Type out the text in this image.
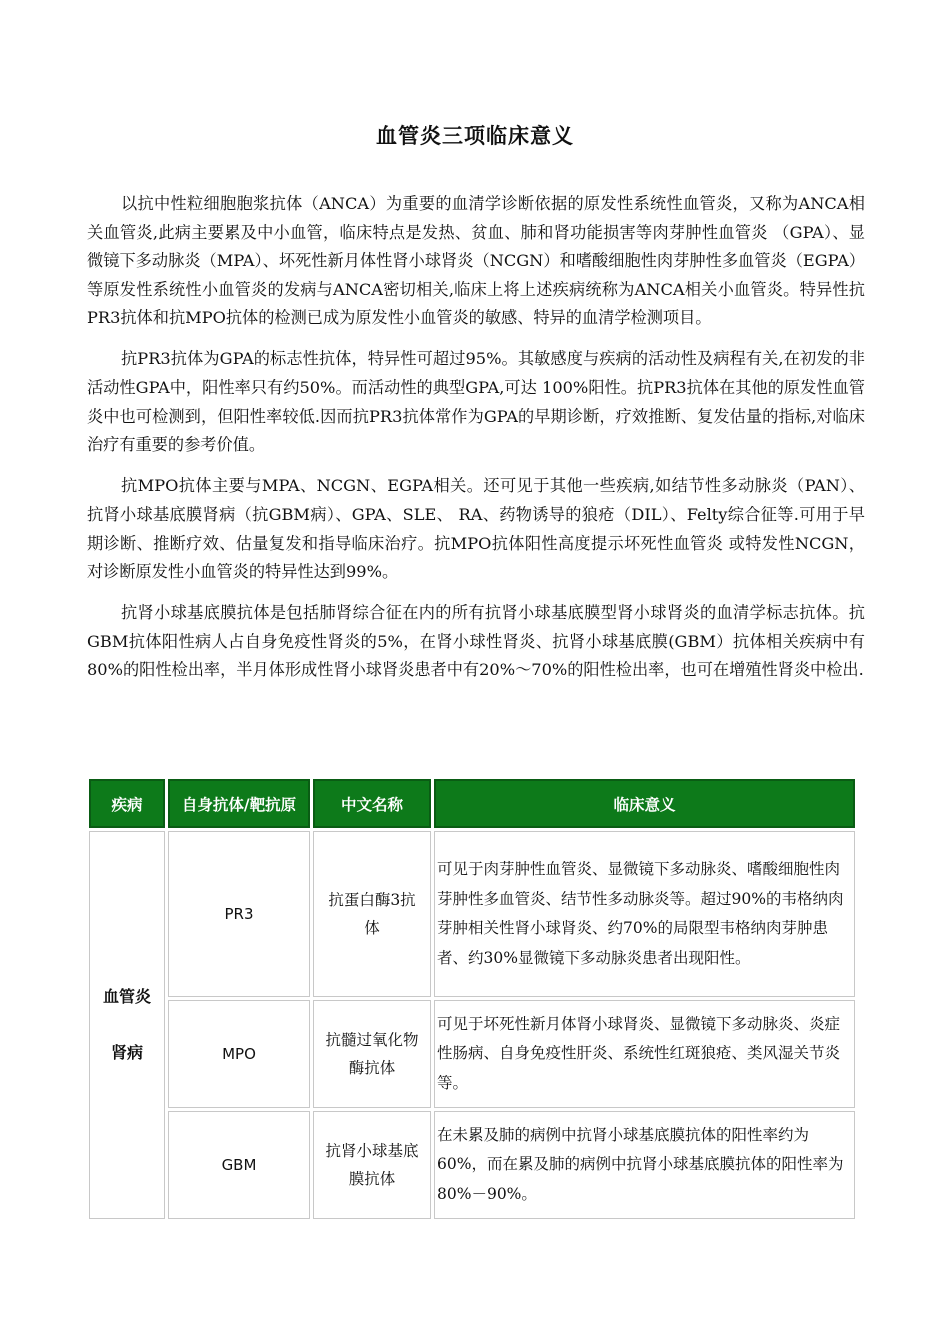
血管炎三项临床意义

以抗中性粒细胞胞浆抗体（ANCA）为重要的血清学诊断依据的原发性系统性血管炎，又称为ANCA相关血管炎,此病主要累及中小血管，临床特点是发热、贫血、肺和肾功能损害等肉芽肿性血管炎 （GPA）、显微镜下多动脉炎（MPA）、坏死性新月体性肾小球肾炎（NCGN）和嗜酸细胞性肉芽肿性多血管炎（EGPA）等原发性系统性小血管炎的发病与ANCA密切相关,临床上将上述疾病统称为ANCA相关小血管炎。特异性抗 PR3抗体和抗MPO抗体的检测已成为原发性小血管炎的敏感、特异的血清学检测项目。

抗PR3抗体为GPA的标志性抗体，特异性可超过95%。其敏感度与疾病的活动性及病程有关,在初发的非活动性GPA中，阳性率只有约50%。而活动性的典型GPA,可达 100%阳性。抗PR3抗体在其他的原发性血管炎中也可检测到，但阳性率较低.因而抗PR3抗体常作为GPA的早期诊断，疗效推断、复发估量的指标,对临床治疗有重要的参考价值。

抗MPO抗体主要与MPA、NCGN、EGPA相关。还可见于其他一些疾病,如结节性多动脉炎（PAN）、抗肾小球基底膜肾病（抗GBM病）、GPA、SLE、 RA、药物诱导的狼疮（DIL）、Felty综合征等.可用于早期诊断、推断疗效、估量复发和指导临床治疗。抗MPO抗体阳性高度提示坏死性血管炎 或特发性NCGN，对诊断原发性小血管炎的特异性达到99%。

抗肾小球基底膜抗体是包括肺肾综合征在内的所有抗肾小球基底膜型肾小球肾炎的血清学标志抗体。抗GBM抗体阳性病人占自身免疫性肾炎的5%，在肾小球性肾炎、抗肾小球基底膜(GBM）抗体相关疾病中有80%的阳性检出率，半月体形成性肾小球肾炎患者中有20%～70%的阳性检出率，也可在增殖性肾炎中检出.

疾病	自身抗体/靶抗原	中文名称	临床意义

血管炎
肾病	PR3	抗蛋白酶3抗体	可见于肉芽肿性血管炎、显微镜下多动脉炎、嗜酸细胞性肉芽肿性多血管炎、结节性多动脉炎等。超过90%的韦格纳肉芽肿相关性肾小球肾炎、约70%的局限型韦格纳肉芽肿患者、约30%显微镜下多动脉炎患者出现阳性。
	MPO	抗髓过氧化物酶抗体	可见于坏死性新月体肾小球肾炎、显微镜下多动脉炎、炎症性肠病、自身免疫性肝炎、系统性红斑狼疮、类风湿关节炎等。
	GBM	抗肾小球基底膜抗体	在未累及肺的病例中抗肾小球基底膜抗体的阳性率约为60%，而在累及肺的病例中抗肾小球基底膜抗体的阳性率为80%－90%。
